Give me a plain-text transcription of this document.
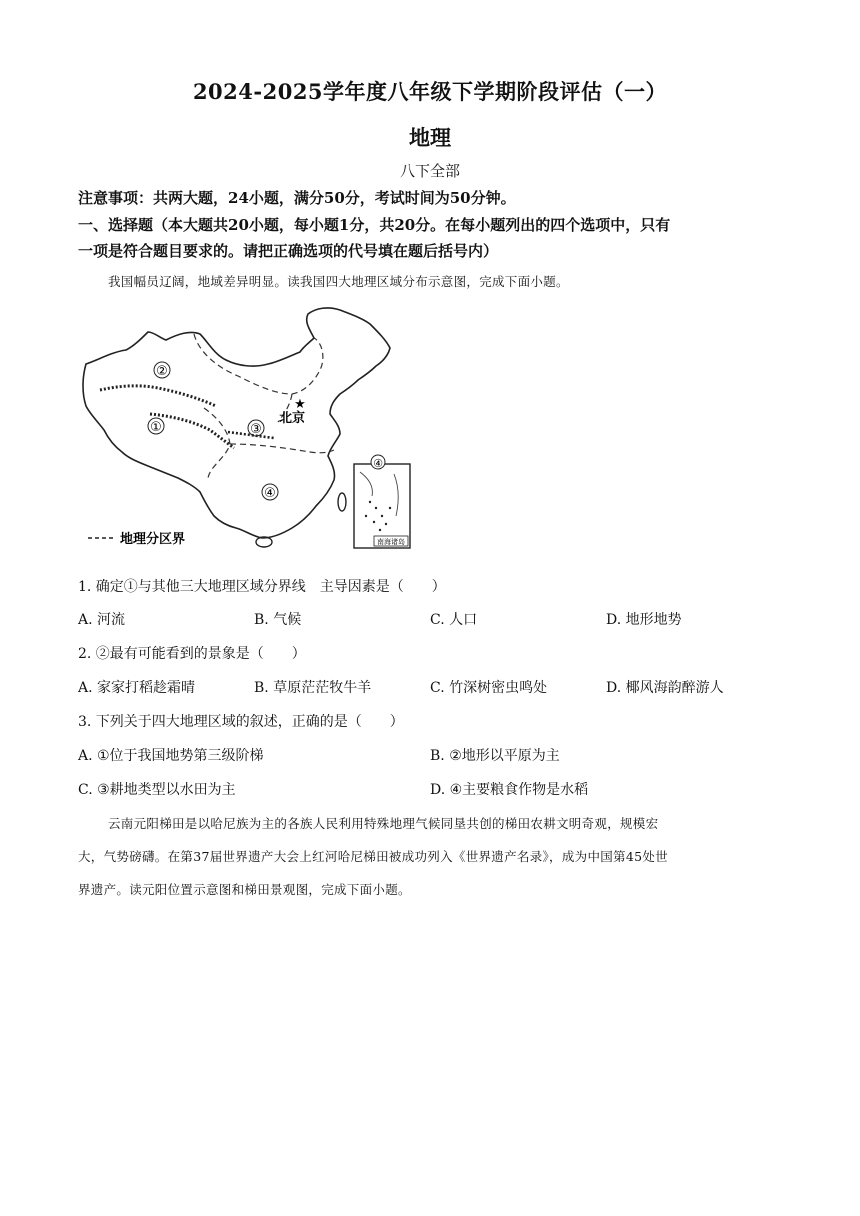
2024-2025学年度八年级下学期阶段评估（一）
地理
八下全部
注意事项：共两大题，24小题，满分50分，考试时间为50分钟。
一、选择题（本大题共20小题，每小题1分，共20分。在每小题列出的四个选项中，只有
一项是符合题目要求的。请把正确选项的代号填在题后括号内）
我国幅员辽阔，地域差异明显。读我国四大地理区域分布示意图，完成下面小题。
②
①	③
④
★
北京
④
南海诸岛
地理分区界
1. 确定①与其他三大地理区域分界线　主导因素是（　　）
A. 河流	B. 气候	C. 人口	D. 地形地势
2. ②最有可能看到的景象是（　　）
A. 家家打稻趁霜晴	B. 草原茫茫牧牛羊	C. 竹深树密虫鸣处	D. 椰风海韵醉游人
3. 下列关于四大地理区域的叙述，正确的是（　　）
A. ①位于我国地势第三级阶梯	B. ②地形以平原为主
C. ③耕地类型以水田为主	D. ④主要粮食作物是水稻
云南元阳梯田是以哈尼族为主的各族人民利用特殊地理气候同垦共创的梯田农耕文明奇观，规模宏
大，气势磅礴。在第37届世界遗产大会上红河哈尼梯田被成功列入《世界遗产名录》，成为中国第45处世
界遗产。读元阳位置示意图和梯田景观图，完成下面小题。
